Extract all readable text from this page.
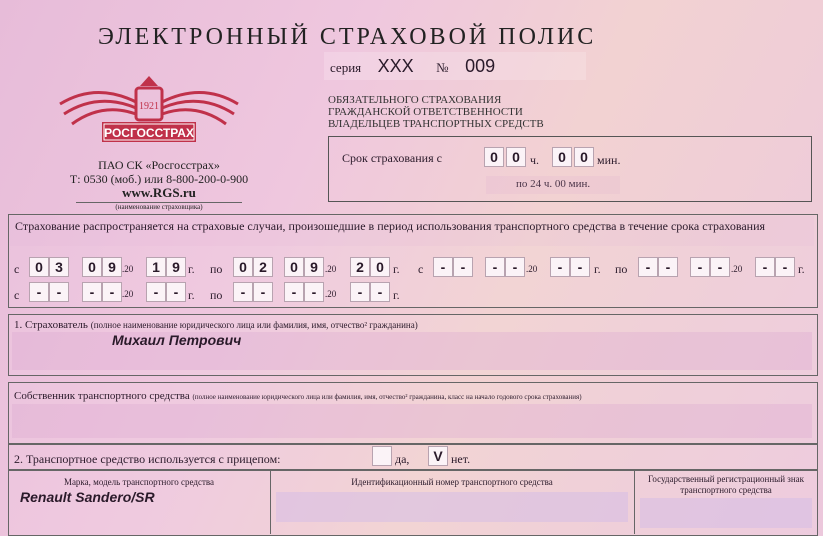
ЭЛЕКТРОННЫЙ СТРАХОВОЙ ПОЛИС
серия XXX № 009
ОБЯЗАТЕЛЬНОГО СТРАХОВАНИЯ
ГРАЖДАНСКОЙ ОТВЕТСТВЕННОСТИ
ВЛАДЕЛЬЦЕВ ТРАНСПОРТНЫХ СРЕДСТВ
1921
РОСГОССТРАХ
ПАО СК «Росгосстрах»
Т: 0530 (моб.) или 8-800-200-0-900
www.RGS.ru
(наименование страховщика)
Срок страхования с	0	0 ч.	0	0 мин.
по 24 ч. 00 мин.
Страхование распространяется на страховые случаи, произошедшие в период использования транспортного средства в течение срока страхования
с	0 3	0 9 .20	1 9 г. по	0 2	0 9 .20	2 0 г. с	-	-	-	- .20	-	- г. по	-	-	-	- .20	-	- г.
с	-	-	-	- .20	-	- г. по	-	-	-	- .20	-	- г.
1. Страхователь (полное наименование юридического лица или фамилия, имя, отчество² гражданина)
Михаил Петрович
Собственник транспортного средства (полное наименование юридического лица или фамилия, имя, отчество² гражданина, класс на начало годового срока страхования)
2. Транспортное средство используется с прицепом:	да,	V нет.
Марка, модель транспортного средства
Renault Sandero/SR
Идентификационный номер транспортного средства	Государственный регистрационный знак транспортного средства
